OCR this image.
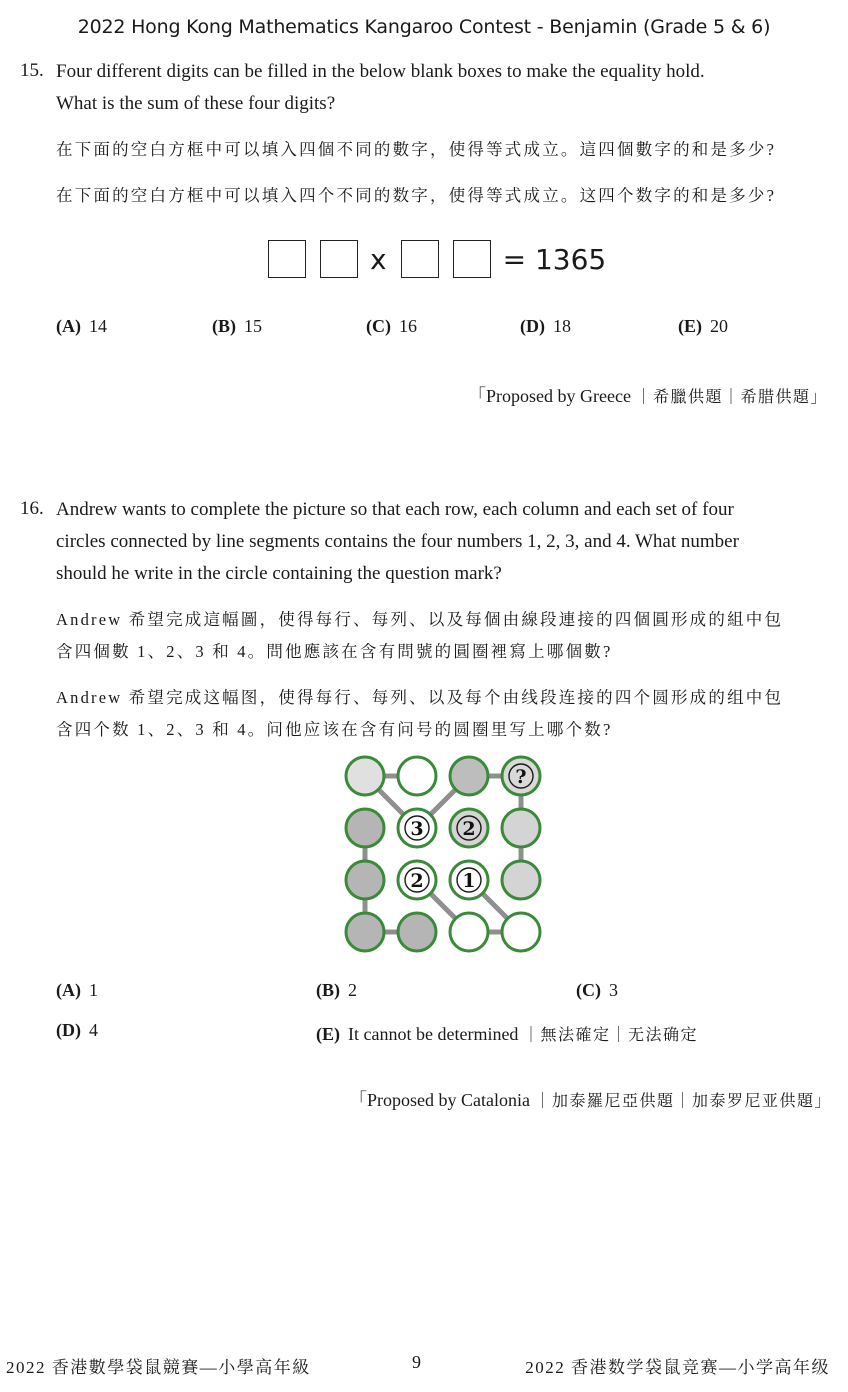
2022 Hong Kong Mathematics Kangaroo Contest - Benjamin (Grade 5 & 6)
15. Four different digits can be filled in the below blank boxes to make the equality hold.
What is the sum of these four digits?
在下面的空白方框中可以填入四個不同的數字，使得等式成立。這四個數字的和是多少?
在下面的空白方框中可以填入四个不同的数字，使得等式成立。这四个数字的和是多少?
x	= 1365
(A) 14	(B) 15	(C) 16	(D) 18	(E) 20
「Proposed by Greece ｜希臘供題｜希腊供題」
16. Andrew wants to complete the picture so that each row, each column and each set of four
circles connected by line segments contains the four numbers 1, 2, 3, and 4. What number
should he write in the circle containing the question mark?
Andrew 希望完成這幅圖，使得每行、每列、以及每個由線段連接的四個圓形成的組中包
含四個數 1、2、3 和 4。問他應該在含有問號的圓圈裡寫上哪個數?
Andrew 希望完成这幅图，使得每行、每列、以及每个由线段连接的四个圆形成的组中包
含四个数 1、2、3 和 4。问他应该在含有问号的圆圈里写上哪个数?
?
3 2
2 1
(A) 1	(B) 2	(C) 3
(D) 4	(E) It cannot be determined ｜無法確定｜无法确定
「Proposed by Catalonia ｜加泰羅尼亞供題｜加泰罗尼亚供題」
2022 香港數學袋鼠競賽—小學高年級	9	2022 香港数学袋鼠竞赛—小学高年级
